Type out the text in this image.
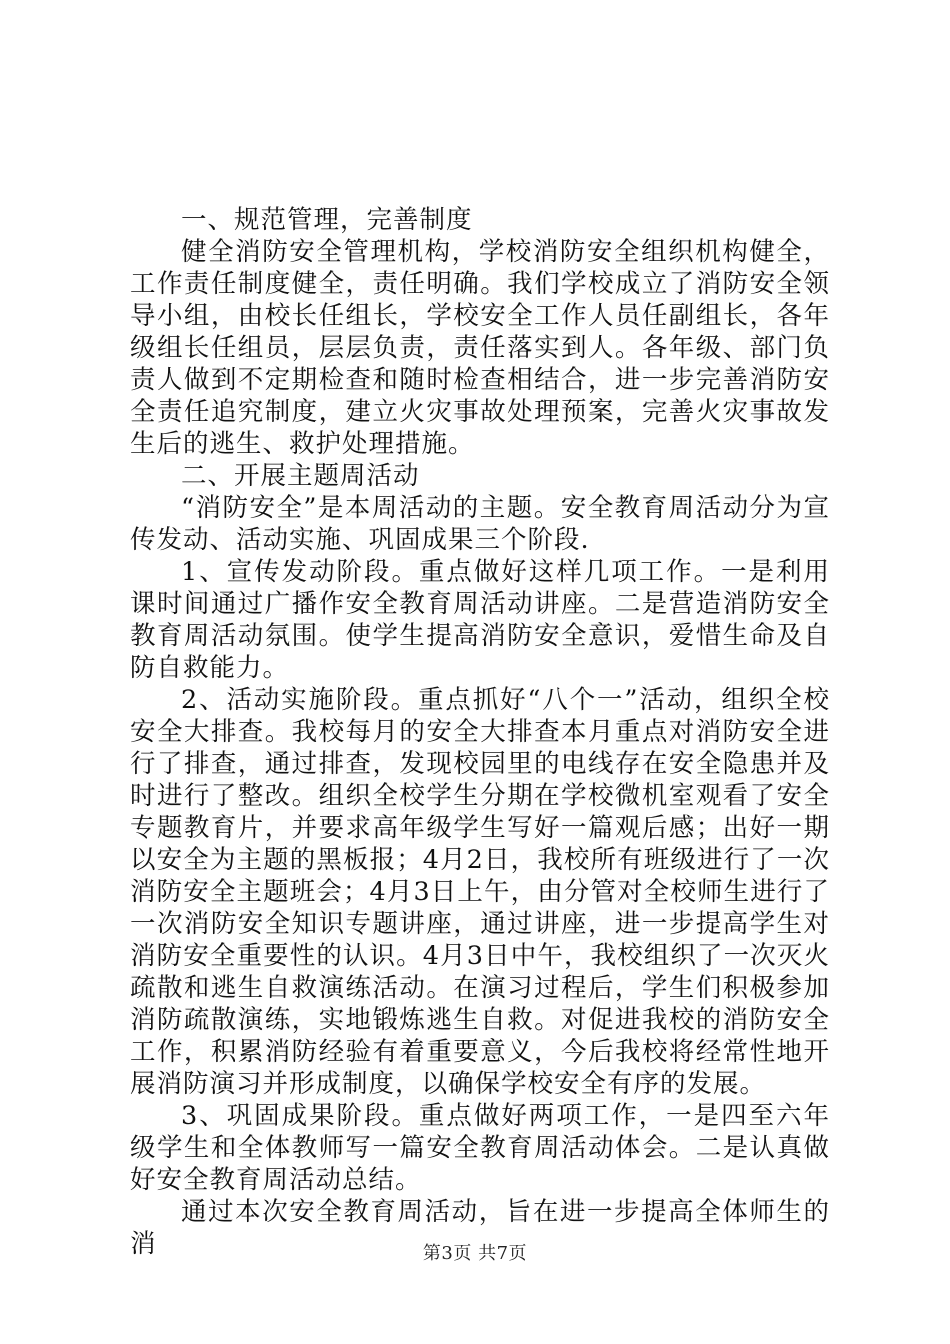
一、规范管理，完善制度

健全消防安全管理机构，学校消防安全组织机构健全，工作责任制度健全，责任明确。我们学校成立了消防安全领导小组，由校长任组长，学校安全工作人员任副组长，各年级组长任组员，层层负责，责任落实到人。各年级、部门负责人做到不定期检查和随时检查相结合，进一步完善消防安全责任追究制度，建立火灾事故处理预案，完善火灾事故发生后的逃生、救护处理措施。

二、开展主题周活动

“消防安全”是本周活动的主题。安全教育周活动分为宣传发动、活动实施、巩固成果三个阶段.

1、宣传发动阶段。重点做好这样几项工作。一是利用课时间通过广播作安全教育周活动讲座。二是营造消防安全教育周活动氛围。使学生提高消防安全意识，爱惜生命及自防自救能力。

2、活动实施阶段。重点抓好“八个一”活动，组织全校安全大排查。我校每月的安全大排查本月重点对消防安全进行了排查，通过排查，发现校园里的电线存在安全隐患并及时进行了整改。组织全校学生分期在学校微机室观看了安全专题教育片，并要求高年级学生写好一篇观后感；出好一期以安全为主题的黑板报；4月2日，我校所有班级进行了一次消防安全主题班会；4月3日上午，由分管对全校师生进行了一次消防安全知识专题讲座，通过讲座，进一步提高学生对消防安全重要性的认识。4月3日中午，我校组织了一次灭火疏散和逃生自救演练活动。在演习过程后，学生们积极参加消防疏散演练，实地锻炼逃生自救。对促进我校的消防安全工作，积累消防经验有着重要意义，今后我校将经常性地开展消防演习并形成制度，以确保学校安全有序的发展。

3、巩固成果阶段。重点做好两项工作，一是四至六年级学生和全体教师写一篇安全教育周活动体会。二是认真做好安全教育周活动总结。

通过本次安全教育周活动，旨在进一步提高全体师生的消	第3页 共7页
